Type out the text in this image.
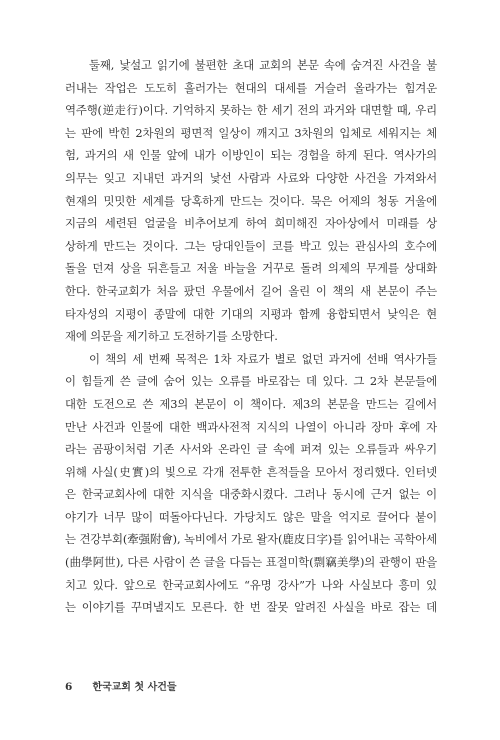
둘째, 낯설고 읽기에 불편한 초대 교회의 본문 속에 숨겨진 사건을 불
러내는 작업은 도도히 흘러가는 현대의 대세를 거슬러 올라가는 힘겨운
역주행(逆走行)이다. 기억하지 못하는 한 세기 전의 과거와 대면할 때, 우리
는 판에 박힌 2차원의 평면적 일상이 깨지고 3차원의 입체로 세워지는 체
험, 과거의 새 인물 앞에 내가 이방인이 되는 경험을 하게 된다. 역사가의
의무는 잊고 지내던 과거의 낯선 사람과 사료와 다양한 사건을 가져와서
현재의 밋밋한 세계를 당혹하게 만드는 것이다. 묵은 어제의 청동 거울에
지금의 세련된 얼굴을 비추어보게 하여 희미해진 자아상에서 미래를 상
상하게 만드는 것이다. 그는 당대인들이 코를 박고 있는 관심사의 호수에
돌을 던져 상을 뒤흔들고 저울 바늘을 거꾸로 돌려 의제의 무게를 상대화
한다. 한국교회가 처음 팠던 우물에서 길어 올린 이 책의 새 본문이 주는
타자성의 지평이 종말에 대한 기대의 지평과 함께 융합되면서 낮익은 현
재에 의문을 제기하고 도전하기를 소망한다.
이 책의 세 번째 목적은 1차 자료가 별로 없던 과거에 선배 역사가들
이 힘들게 쓴 글에 숨어 있는 오류를 바로잡는 데 있다. 그 2차 본문들에
대한 도전으로 쓴 제3의 본문이 이 책이다. 제3의 본문을 만드는 길에서
만난 사건과 인물에 대한 백과사전적 지식의 나열이 아니라 장마 후에 자
라는 곰팡이처럼 기존 사서와 온라인 글 속에 퍼져 있는 오류들과 싸우기
위해 사실(史實)의 빛으로 각개 전투한 흔적들을 모아서 정리했다. 인터넷
은 한국교회사에 대한 지식을 대중화시켰다. 그러나 동시에 근거 없는 이
야기가 너무 많이 떠돌아다닌다. 가당치도 않은 말을 억지로 끌어다 붙이
는 견강부회(牽强附會), 녹비에서 가로 왈자(鹿皮日字)를 읽어내는 곡학아세
(曲學阿世), 다른 사람이 쓴 글을 다듬는 표절미학(剽竊美學)의 관행이 판을
치고 있다. 앞으로 한국교회사에도 “유명 강사”가 나와 사실보다 흥미 있
는 이야기를 꾸며낼지도 모른다. 한 번 잘못 알려진 사실을 바로 잡는 데
6 한국교회 첫 사건들
